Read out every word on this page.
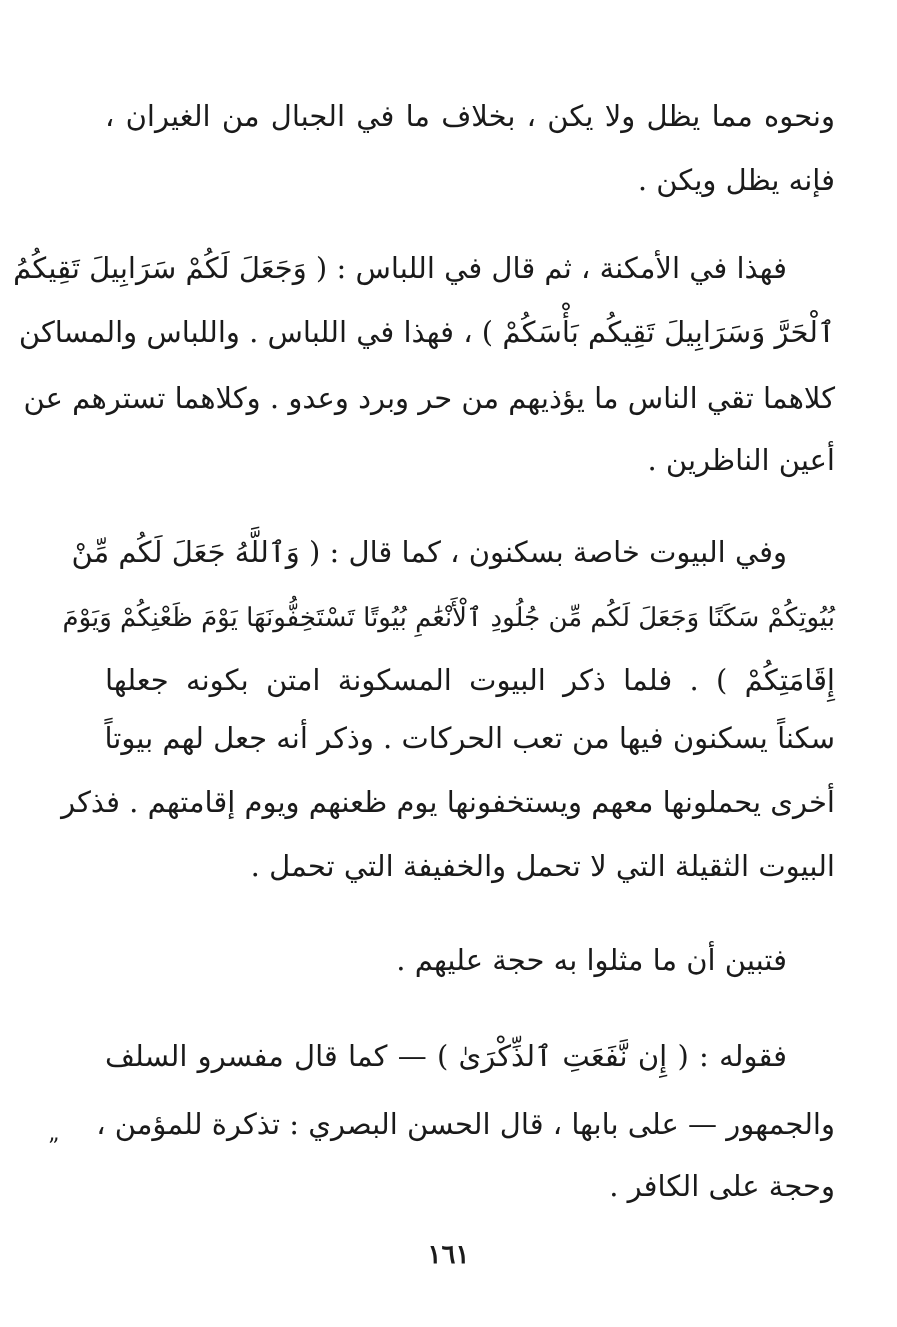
ونحوه مما يظل ولا يكن ، بخلاف ما في الجبال من الغيران ،
فإنه يظل ويكن .
فهذا في الأمكنة ، ثم قال في اللباس : ( وَجَعَلَ لَكُمْ سَرَابِيلَ تَقِيكُمُ
ٱلْحَرَّ وَسَرَابِيلَ تَقِيكُم بَأْسَكُمْ ) ، فهذا في اللباس . واللباس والمساكن
كلاهما تقي الناس ما يؤذيهم من حر وبرد وعدو . وكلاهما تسترهم عن
أعين الناظرين .
وفي البيوت خاصة بسكنون ، كما قال : ( وَٱللَّهُ جَعَلَ لَكُم مِّنْ
بُيُوتِكُمْ سَكَنًا وَجَعَلَ لَكُم مِّن جُلُودِ ٱلْأَنْعَٰمِ بُيُوتًا تَسْتَخِفُّونَهَا يَوْمَ ظَعْنِكُمْ وَيَوْمَ
إِقَامَتِكُمْ ) . فلما ذكر البيوت المسكونة امتن بكونه جعلها
سكناً يسكنون فيها من تعب الحركات . وذكر أنه جعل لهم بيوتاً
أخرى يحملونها معهم ويستخفونها يوم ظعنهم ويوم إقامتهم . فذكر
البيوت الثقيلة التي لا تحمل والخفيفة التي تحمل .
فتبين أن ما مثلوا به حجة عليهم .
فقوله : ( إِن نَّفَعَتِ ٱلذِّكْرَىٰ ) — كما قال مفسرو السلف
والجمهور — على بابها ، قال الحسن البصري : تذكرة للمؤمن ،
وحجة على الكافر .
”
١٦١
